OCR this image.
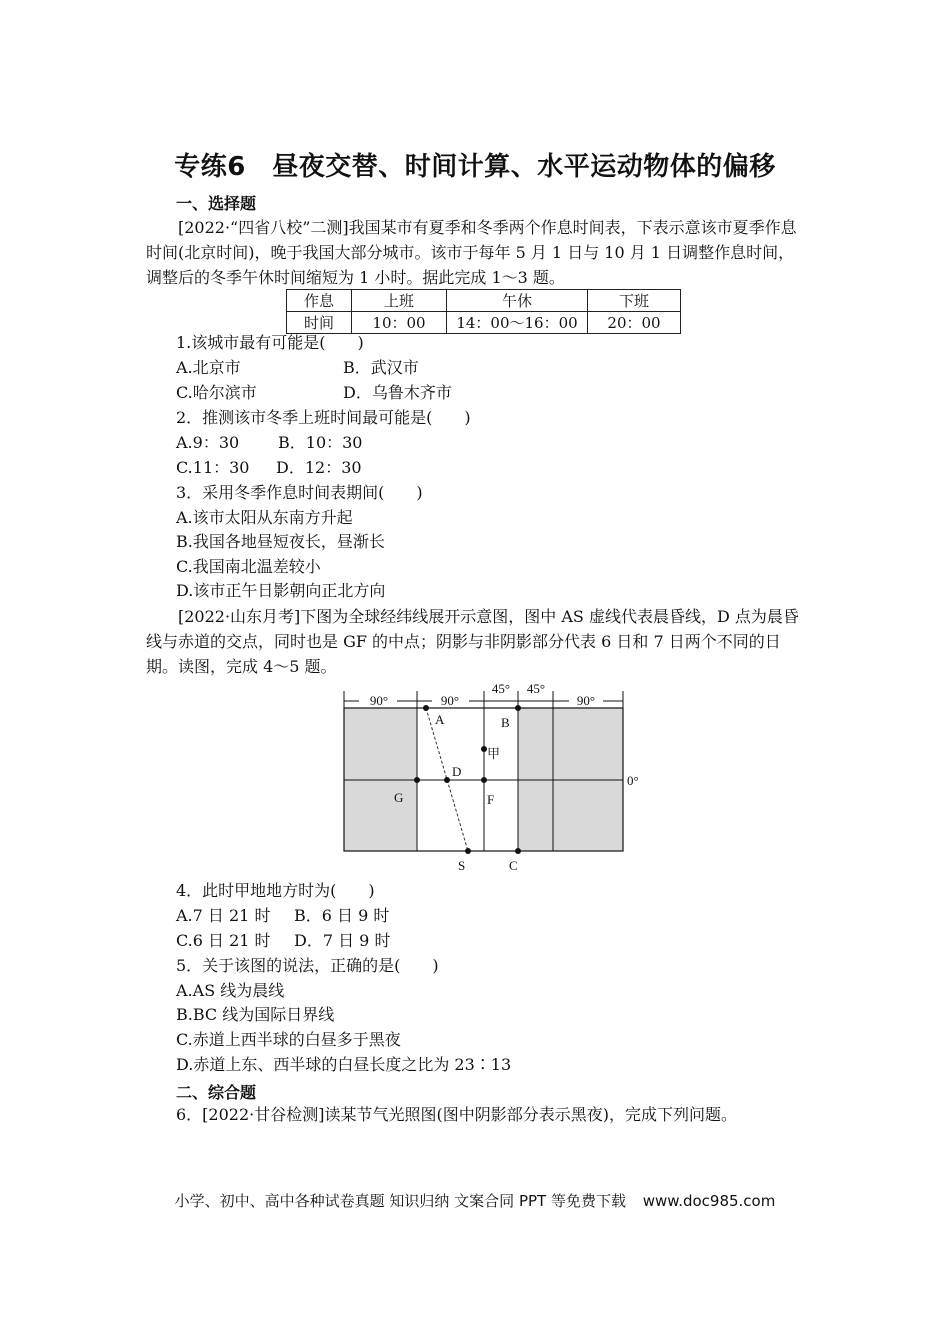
专练6　昼夜交替、时间计算、水平运动物体的偏移
一、选择题
[2022·“四省八校”二测]我国某市有夏季和冬季两个作息时间表，下表示意该市夏季作息时间(北京时间)，晚于我国大部分城市。该市于每年 5 月 1 日与 10 月 1 日调整作息时间，调整后的冬季午休时间缩短为 1 小时。据此完成 1～3 题。
作息	上班	午休	下班
时间	10：00	14：00～16：00	20：00
1.该城市最有可能是(　　)
A.北京市	B．武汉市
C.哈尔滨市	D．乌鲁木齐市
2．推测该市冬季上班时间最可能是(　　)
A.9：30 B．10：30
C.11：30 D．12：30
3．采用冬季作息时间表期间(　　)
A.该市太阳从东南方升起
B.我国各地昼短夜长，昼渐长
C.我国南北温差较小
D.该市正午日影朝向正北方向
[2022·山东月考]下图为全球经纬线展开示意图，图中 AS 虚线代表晨昏线，D 点为晨昏线与赤道的交点，同时也是 GF 的中点；阴影与非阴影部分代表 6 日和 7 日两个不同的日期。读图，完成 4～5 题。
90°	90°
45° 45°
90°
A	B
甲
D
G	F
S	C
0°
4．此时甲地地方时为(　　)
A.7 日 21 时 B．6 日 9 时
C.6 日 21 时 D．7 日 9 时
5．关于该图的说法，正确的是(　　)
A.AS 线为晨线
B.BC 线为国际日界线
C.赤道上西半球的白昼多于黑夜
D.赤道上东、西半球的白昼长度之比为 23∶13
二、综合题
6．[2022·甘谷检测]读某节气光照图(图中阴影部分表示黑夜)，完成下列问题。
小学、初中、高中各种试卷真题 知识归纳 文案合同 PPT 等免费下载 www.doc985.com
